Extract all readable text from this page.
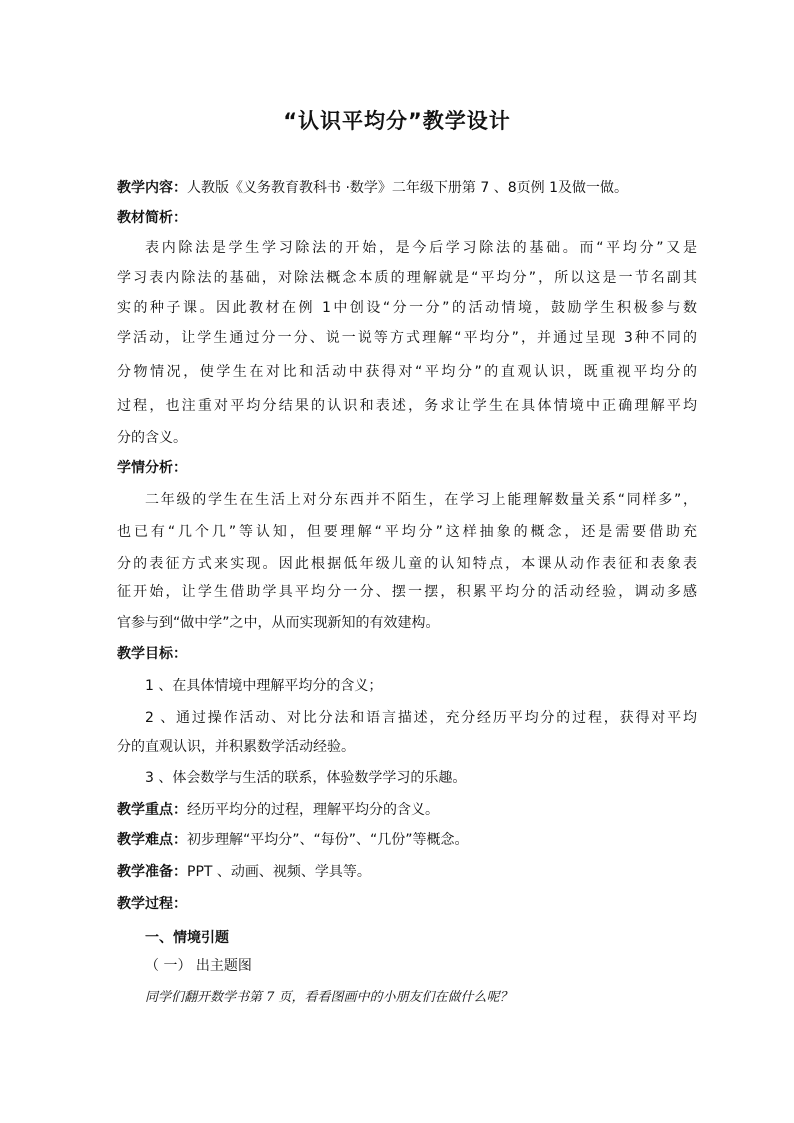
“认识平均分”教学设计
教学内容：人教版《义务教育教科书 ·数学》二年级下册第 7 、8页例 1及做一做。
教材简析：
表内除法是学生学习除法的开始，是今后学习除法的基础。而“平均分”又是
学习表内除法的基础，对除法概念本质的理解就是“平均分”，所以这是一节名副其
实的种子课。因此教材在例 1中创设“分一分”的活动情境，鼓励学生积极参与数
学活动，让学生通过分一分、说一说等方式理解“平均分”，并通过呈现 3种不同的
分物情况，使学生在对比和活动中获得对“平均分”的直观认识，既重视平均分的
过程，也注重对平均分结果的认识和表述，务求让学生在具体情境中正确理解平均
分的含义。
学情分析：
二年级的学生在生活上对分东西并不陌生，在学习上能理解数量关系“同样多”，
也已有“几个几”等认知，但要理解“平均分”这样抽象的概念，还是需要借助充
分的表征方式来实现。因此根据低年级儿童的认知特点，本课从动作表征和表象表
征开始，让学生借助学具平均分一分、摆一摆，积累平均分的活动经验，调动多感
官参与到“做中学”之中，从而实现新知的有效建构。
教学目标：
1 、在具体情境中理解平均分的含义；
2 、通过操作活动、对比分法和语言描述，充分经历平均分的过程，获得对平均
分的直观认识，并积累数学活动经验。
3 、体会数学与生活的联系，体验数学学习的乐趣。
教学重点：经历平均分的过程，理解平均分的含义。
教学难点：初步理解“平均分”、“每份”、“几份”等概念。
教学准备：PPT 、动画、视频、学具等。
教学过程：
一、情境引题
（ 一） 出主题图
同学们翻开数学书第 7 页，看看图画中的小朋友们在做什么呢？
